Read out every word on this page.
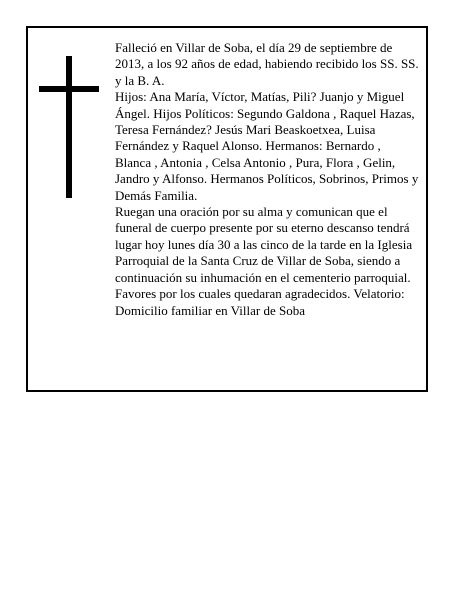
Falleció en Villar de Soba, el día 29 de septiembre de 2013, a los 92 años de edad, habiendo recibido los SS. SS. y la B. A.

Hijos: Ana María, Víctor, Matías, Pili? Juanjo y Miguel Ángel. Hijos Políticos: Segundo Galdona , Raquel Hazas, Teresa Fernández? Jesús Mari Beaskoetxea, Luisa Fernández y Raquel Alonso. Hermanos: Bernardo , Blanca , Antonia , Celsa Antonio , Pura, Flora , Gelin, Jandro y Alfonso. Hermanos Políticos, Sobrinos, Primos y Demás Familia.

Ruegan una oración por su alma y comunican que el funeral de cuerpo presente por su eterno descanso tendrá lugar hoy lunes día 30 a las cinco de la tarde en la Iglesia Parroquial de la Santa Cruz de Villar de Soba, siendo a continuación su inhumación en el cementerio parroquial. Favores por los cuales quedaran agradecidos. Velatorio: Domicilio familiar en Villar de Soba
